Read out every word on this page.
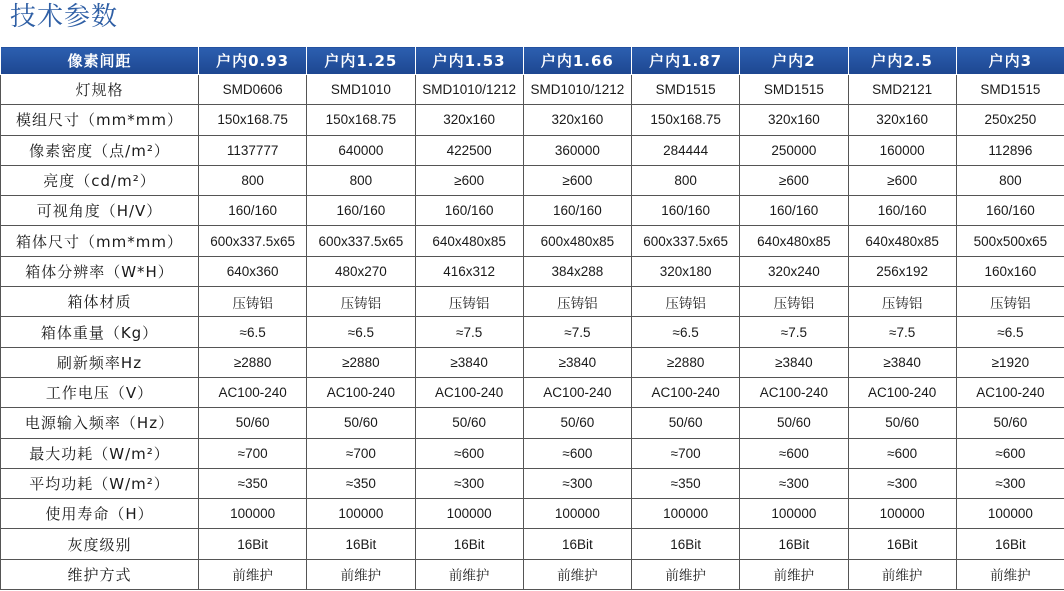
技术参数
像素间距	户内0.93	户内1.25	户内1.53	户内1.66	户内1.87	户内2	户内2.5	户内3
灯规格	SMD0606	SMD1010	SMD1010/1212	SMD1010/1212	SMD1515	SMD1515	SMD2121	SMD1515
模组尺寸（mm*mm）	150x168.75	150x168.75	320x160	320x160	150x168.75	320x160	320x160	250x250
像素密度（点/m²）	1137777	640000	422500	360000	284444	250000	160000	112896
亮度（cd/m²）	800	800	≥600	≥600	800	≥600	≥600	800
可视角度（H/V）	160/160	160/160	160/160	160/160	160/160	160/160	160/160	160/160
箱体尺寸（mm*mm）	600x337.5x65	600x337.5x65	640x480x85	600x480x85	600x337.5x65	640x480x85	640x480x85	500x500x65
箱体分辨率（W*H）	640x360	480x270	416x312	384x288	320x180	320x240	256x192	160x160
箱体材质	压铸铝	压铸铝	压铸铝	压铸铝	压铸铝	压铸铝	压铸铝	压铸铝
箱体重量（Kg）	≈6.5	≈6.5	≈7.5	≈7.5	≈6.5	≈7.5	≈7.5	≈6.5
刷新频率Hz	≥2880	≥2880	≥3840	≥3840	≥2880	≥3840	≥3840	≥1920
工作电压（V）	AC100-240	AC100-240	AC100-240	AC100-240	AC100-240	AC100-240	AC100-240	AC100-240
电源输入频率（Hz）	50/60	50/60	50/60	50/60	50/60	50/60	50/60	50/60
最大功耗（W/m²）	≈700	≈700	≈600	≈600	≈700	≈600	≈600	≈600
平均功耗（W/m²）	≈350	≈350	≈300	≈300	≈350	≈300	≈300	≈300
使用寿命（H）	100000	100000	100000	100000	100000	100000	100000	100000
灰度级别	16Bit	16Bit	16Bit	16Bit	16Bit	16Bit	16Bit	16Bit
维护方式	前维护	前维护	前维护	前维护	前维护	前维护	前维护	前维护
